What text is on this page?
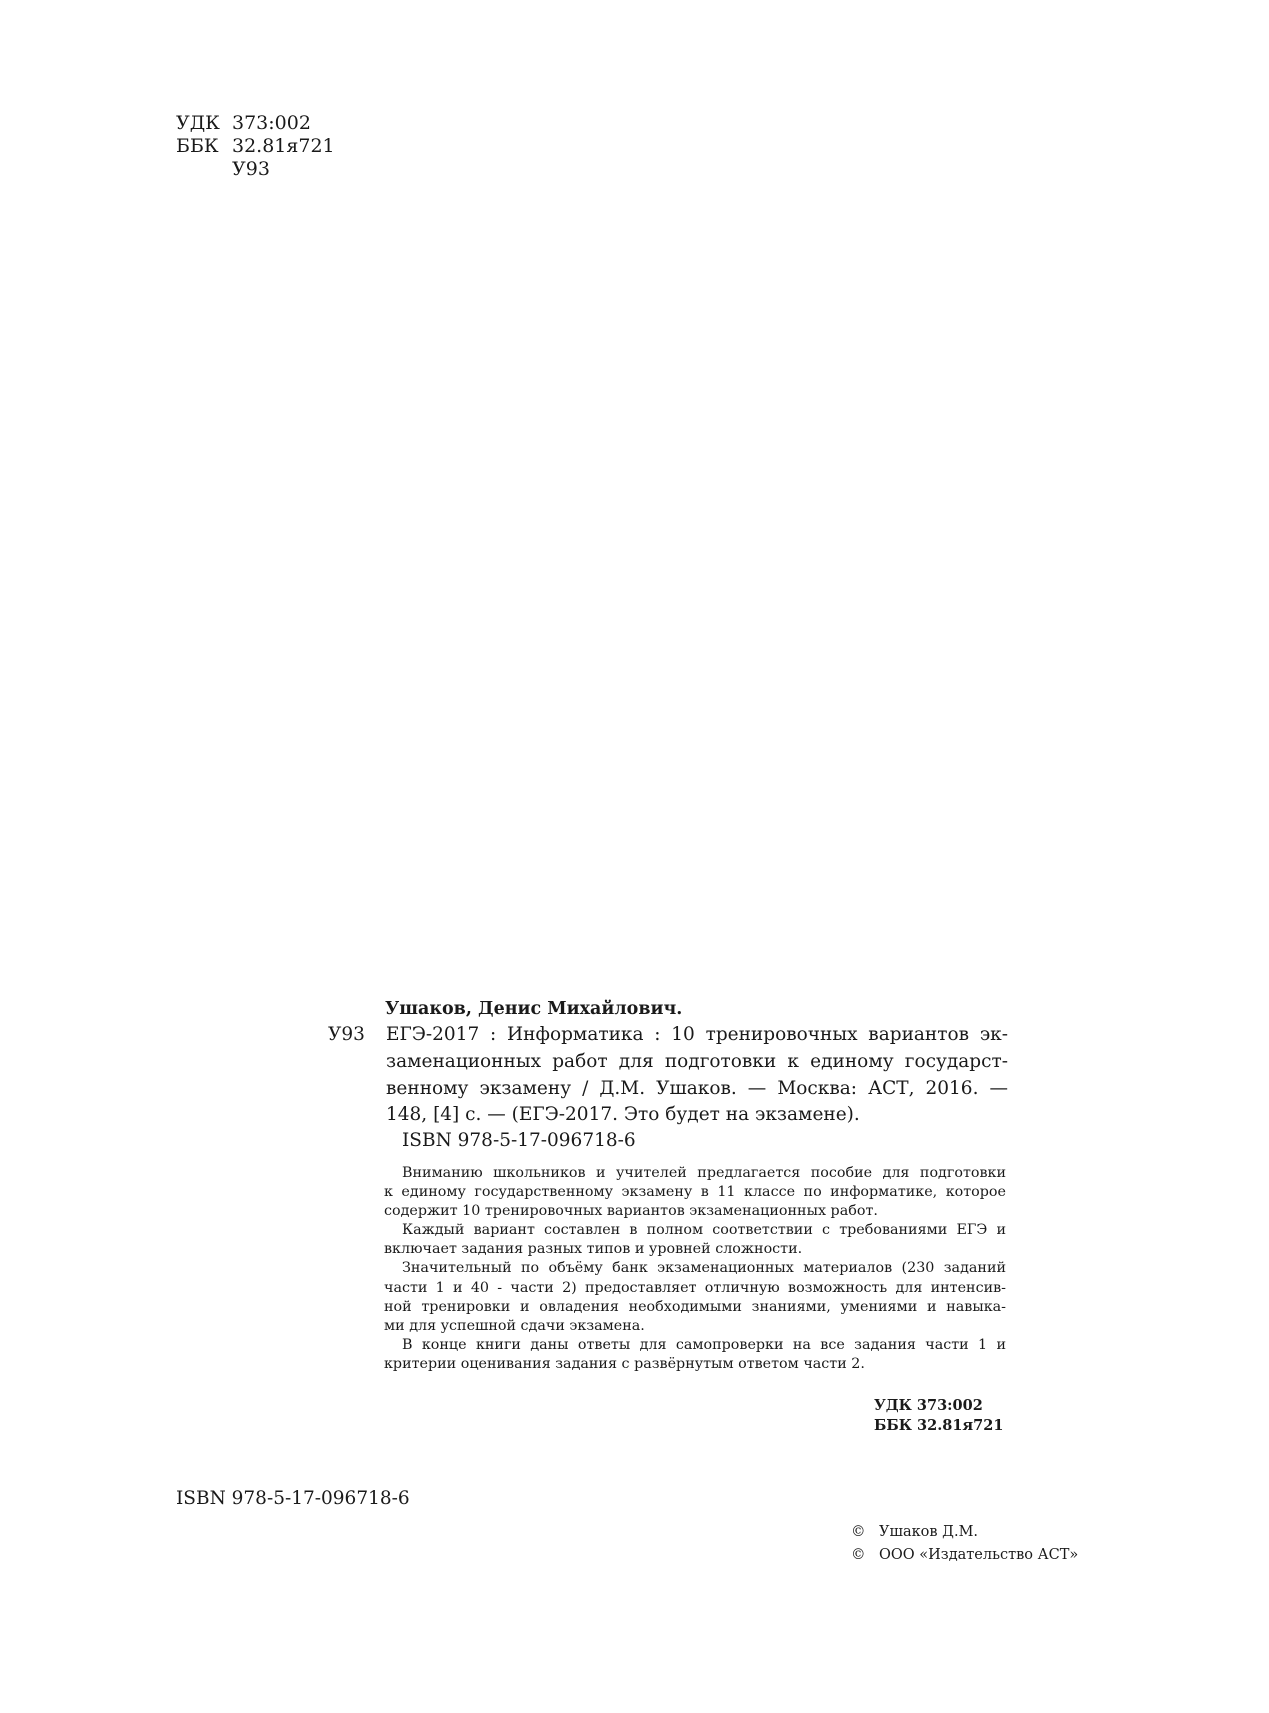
УДК 373:002
ББК 32.81я721
У93
Ушаков, Денис Михайлович.
У93 ЕГЭ-2017 : Информатика : 10 тренировочных вариантов эк-
заменационных работ для подготовки к единому государст-
венному экзамену / Д.М. Ушаков. — Москва: АСТ, 2016. —
148, [4] с. — (ЕГЭ-2017. Это будет на экзамене).
ISBN 978-5-17-096718-6

Вниманию школьников и учителей предлагается пособие для подготовки
к единому государственному экзамену в 11 классе по информатике, которое
содержит 10 тренировочных вариантов экзаменационных работ.

Каждый вариант составлен в полном соответствии с требованиями ЕГЭ и
включает задания разных типов и уровней сложности.

Значительный по объёму банк экзаменационных материалов (230 заданий
части 1 и 40 - части 2) предоставляет отличную возможность для интенсив-
ной тренировки и овладения необходимыми знаниями, умениями и навыка-
ми для успешной сдачи экзамена.

В конце книги даны ответы для самопроверки на все задания части 1 и
критерии оценивания задания с развёрнутым ответом части 2.

УДК 373:002
ББК 32.81я721
ISBN 978-5-17-096718-6
© Ушаков Д.М.
© ООО «Издательство АСТ»
